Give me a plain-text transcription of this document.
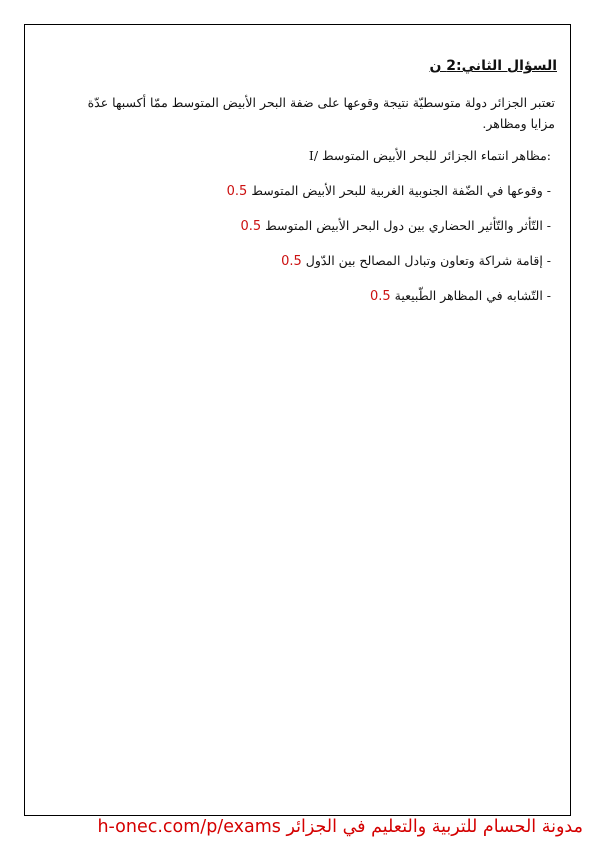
السؤال الثاني:2 ن
تعتبر الجزائر دولة متوسطيّة نتيجة وقوعها على ضفة البحر الأبيض المتوسط ممّا أكسبها عدّة مزايا ومظاهر.
I/ مظاهر انتماء الجزائر للبحر الأبيض المتوسط:
- وقوعها في الضّفة الجنوبية الغربية للبحر الأبيض المتوسط 0.5
- التّأثر والتّأثير الحضاري بين دول البحر الأبيض المتوسط 0.5
- إقامة شراكة وتعاون وتبادل المصالح بين الدّول 0.5
- التّشابه في المظاهر الطّبيعية 0.5
مدونة الحسام للتربية والتعليم في الجزائر h-onec.com/p/exams
